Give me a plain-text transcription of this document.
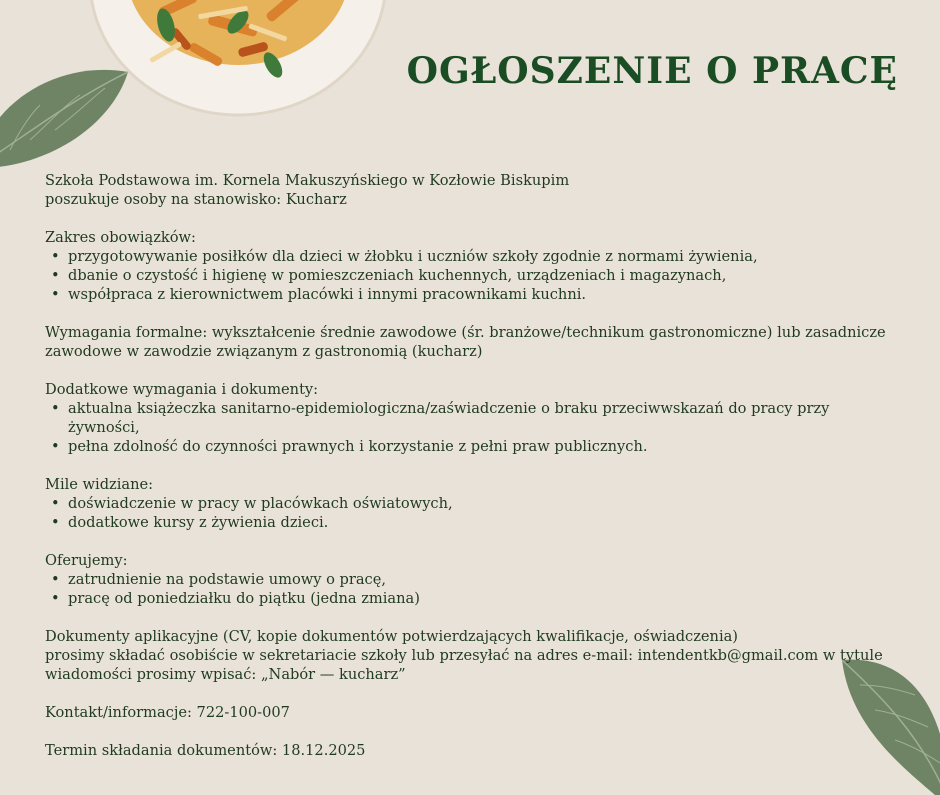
OGŁOSZENIE O PRACĘ

Szkoła Podstawowa im. Kornela Makuszyńskiego w Kozłowie Biskupim

poszukuje osoby na stanowisko: Kucharz

Zakres obowiązków:

• przygotowywanie posiłków dla dzieci w żłobku i uczniów szkoły zgodnie z normami żywienia,
• dbanie o czystość i higienę w pomieszczeniach kuchennych, urządzeniach i magazynach,
• współpraca z kierownictwem placówki i innymi pracownikami kuchni.

Wymagania formalne: wykształcenie średnie zawodowe (śr. branżowe/technikum gastronomiczne) lub zasadnicze

zawodowe w zawodzie związanym z gastronomią (kucharz)

Dodatkowe wymagania i dokumenty:

• aktualna książeczka sanitarno-epidemiologiczna/zaświadczenie o braku przeciwwskazań do pracy przy żywności,
• pełna zdolność do czynności prawnych i korzystanie z pełni praw publicznych.

Mile widziane:

• doświadczenie w pracy w placówkach oświatowych,
• dodatkowe kursy z żywienia dzieci.

Oferujemy:

• zatrudnienie na podstawie umowy o pracę,
• pracę od poniedziałku do piątku (jedna zmiana)

Dokumenty aplikacyjne (CV, kopie dokumentów potwierdzających kwalifikacje, oświadczenia)

prosimy składać osobiście w sekretariacie szkoły lub przesyłać na adres e-mail: intendentkb@gmail.com w tytule

wiadomości prosimy wpisać: „Nabór — kucharz”

Kontakt/informacje: 722-100-007

Termin składania dokumentów: 18.12.2025
